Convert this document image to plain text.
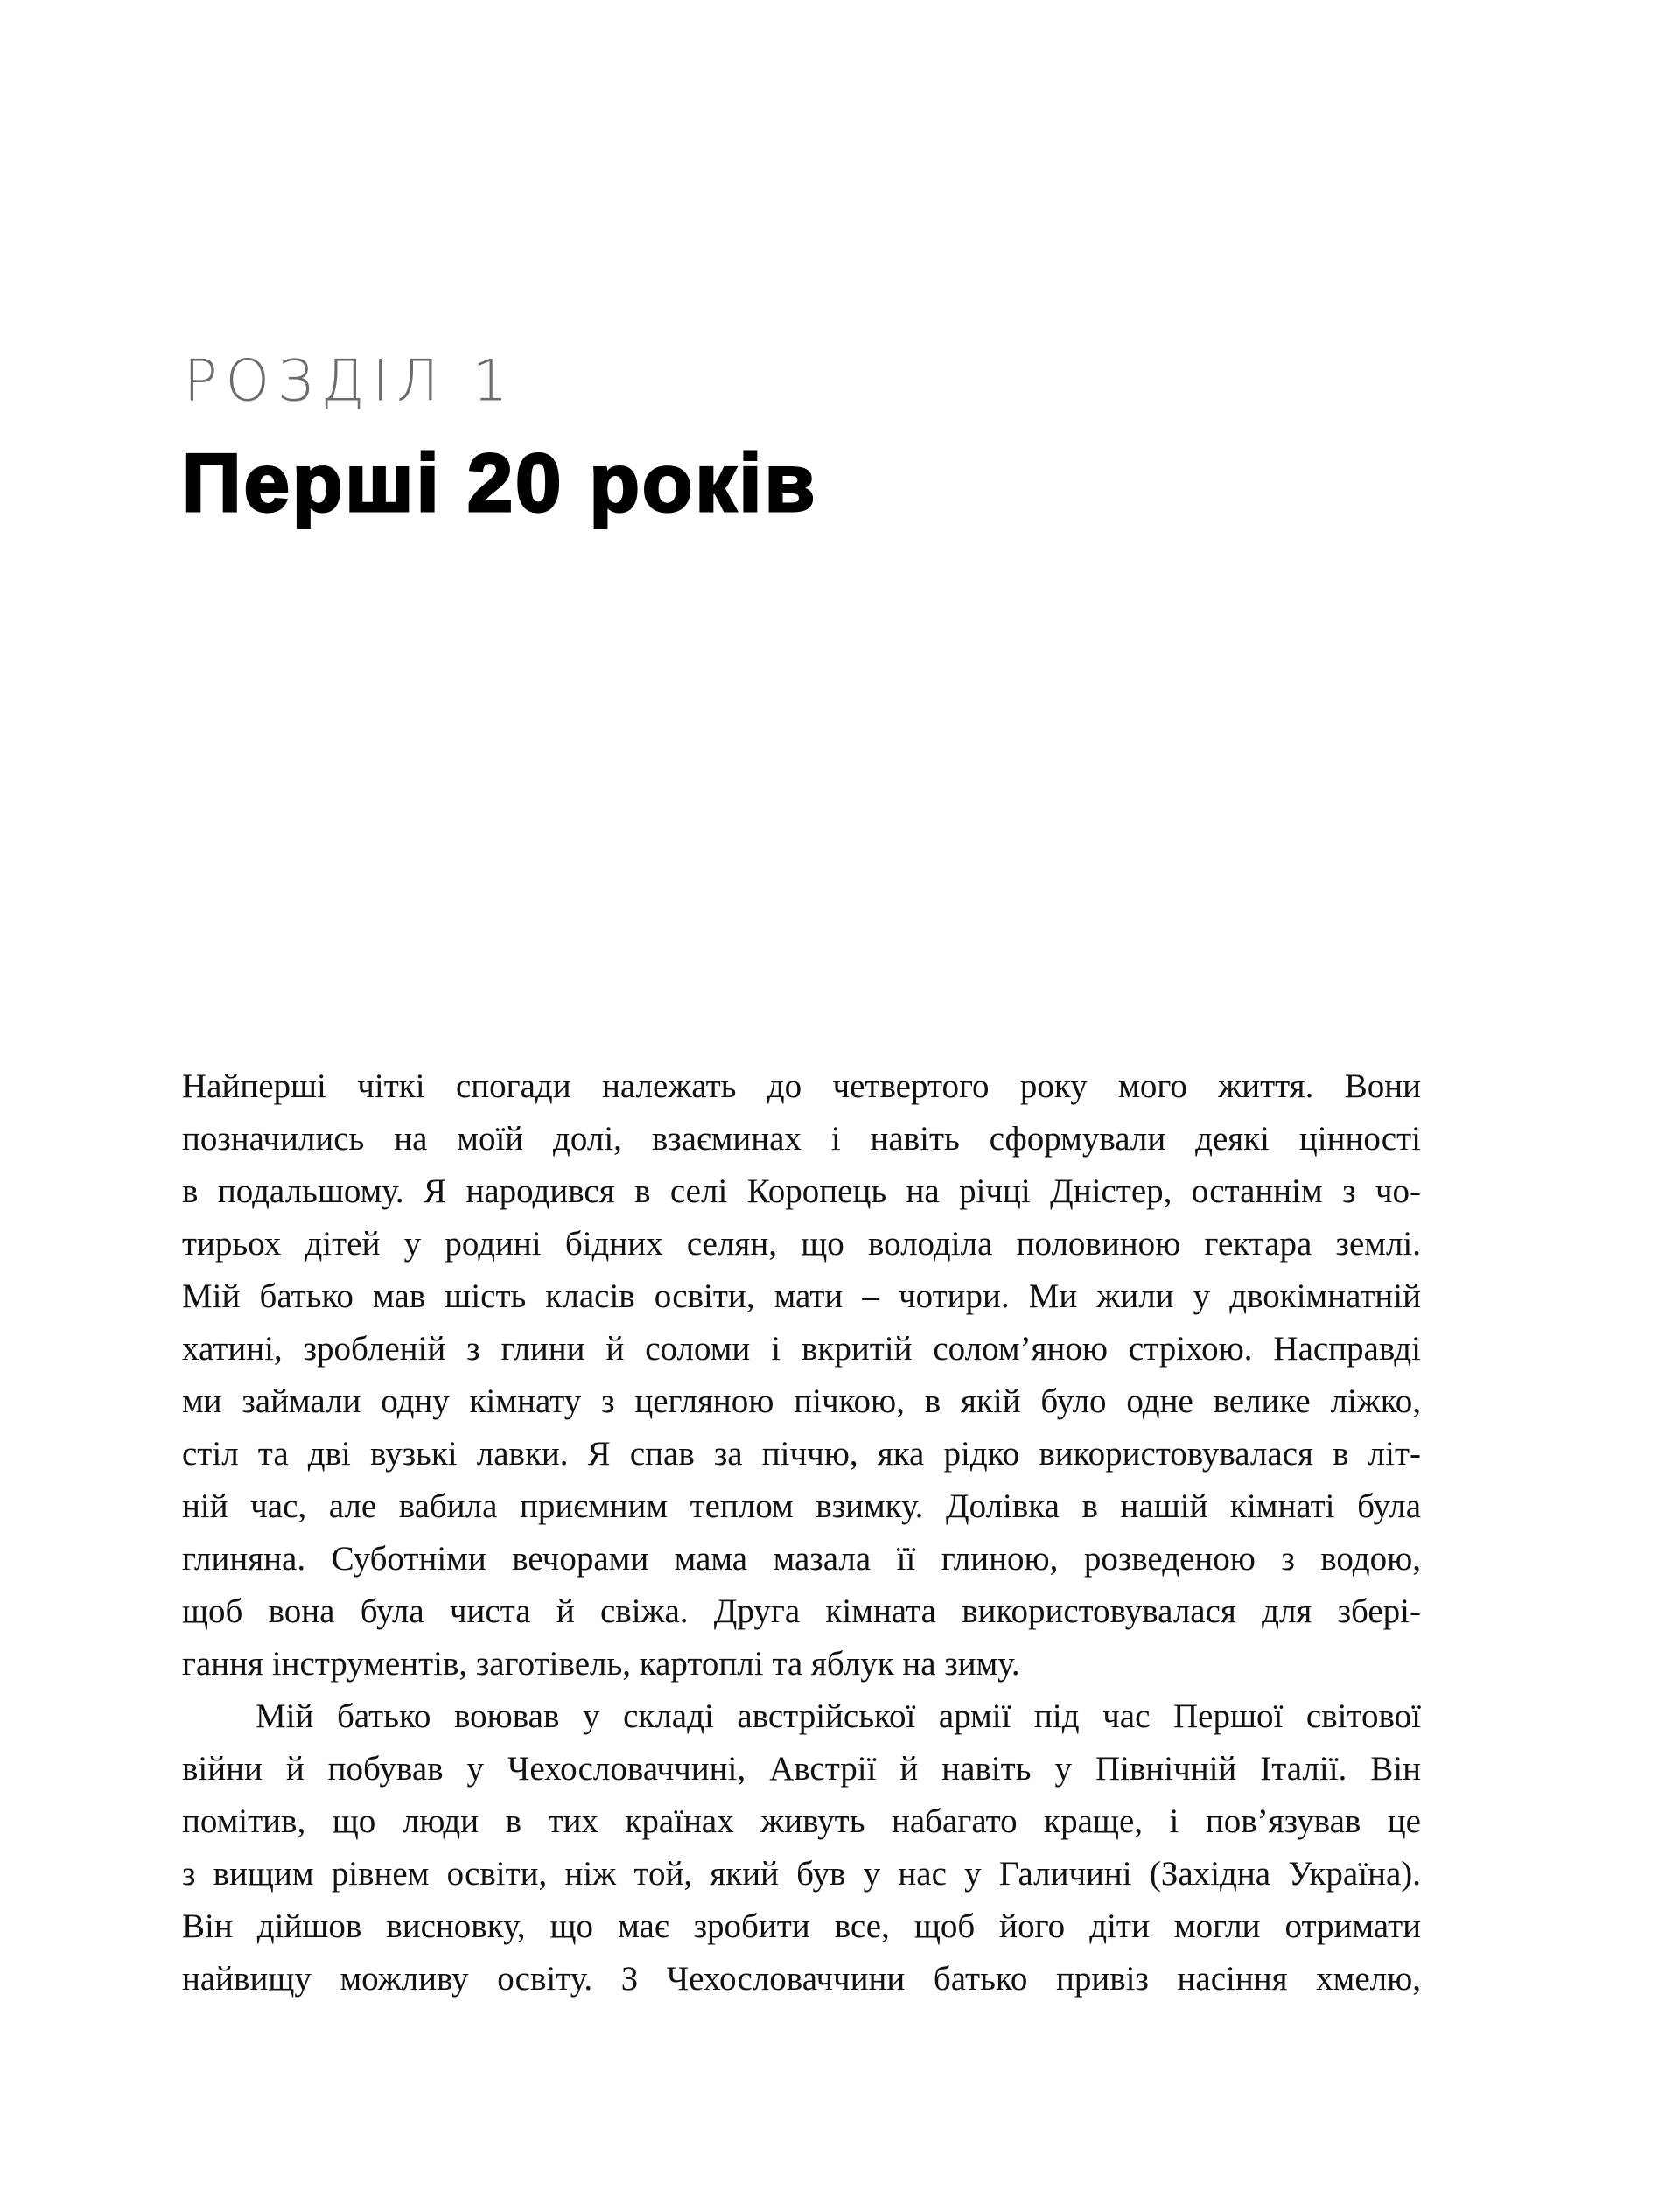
РОЗДІЛ 1
Перші 20 років
Найперші чіткі спогади належать до четвертого року мого життя. Вони
позначились на моїй долі, взаєминах і навіть сформували деякі цінності
в подальшому. Я народився в селі Коропець на річці Дністер, останнім з чо-
тирьох дітей у родині бідних селян, що володіла половиною гектара землі.
Мій батько мав шість класів освіти, мати – чотири. Ми жили у двокімнатній
хатині, зробленій з глини й соломи і вкритій солом’яною стріхою. Насправді
ми займали одну кімнату з цегляною пічкою, в якій було одне велике ліжко,
стіл та дві вузькі лавки. Я спав за піччю, яка рідко використовувалася в літ-
ній час, але вабила приємним теплом взимку. Долівка в нашій кімнаті була
глиняна. Суботніми вечорами мама мазала її глиною, розведеною з водою,
щоб вона була чиста й свіжа. Друга кімната використовувалася для зберi-
гання інструментів, заготівель, картоплі та яблук на зиму.
Мій батько воював у складі австрійської армії під час Першої світової
війни й побував у Чехословаччині, Австрії й навіть у Північній Італії. Він
помітив, що люди в тих країнах живуть набагато краще, і пов’язував це
з вищим рівнем освіти, ніж той, який був у нас у Галичині (Західна Україна).
Він дійшов висновку, що має зробити все, щоб його діти могли отримати
найвищу можливу освіту. З Чехословаччини батько привіз насіння хмелю,
